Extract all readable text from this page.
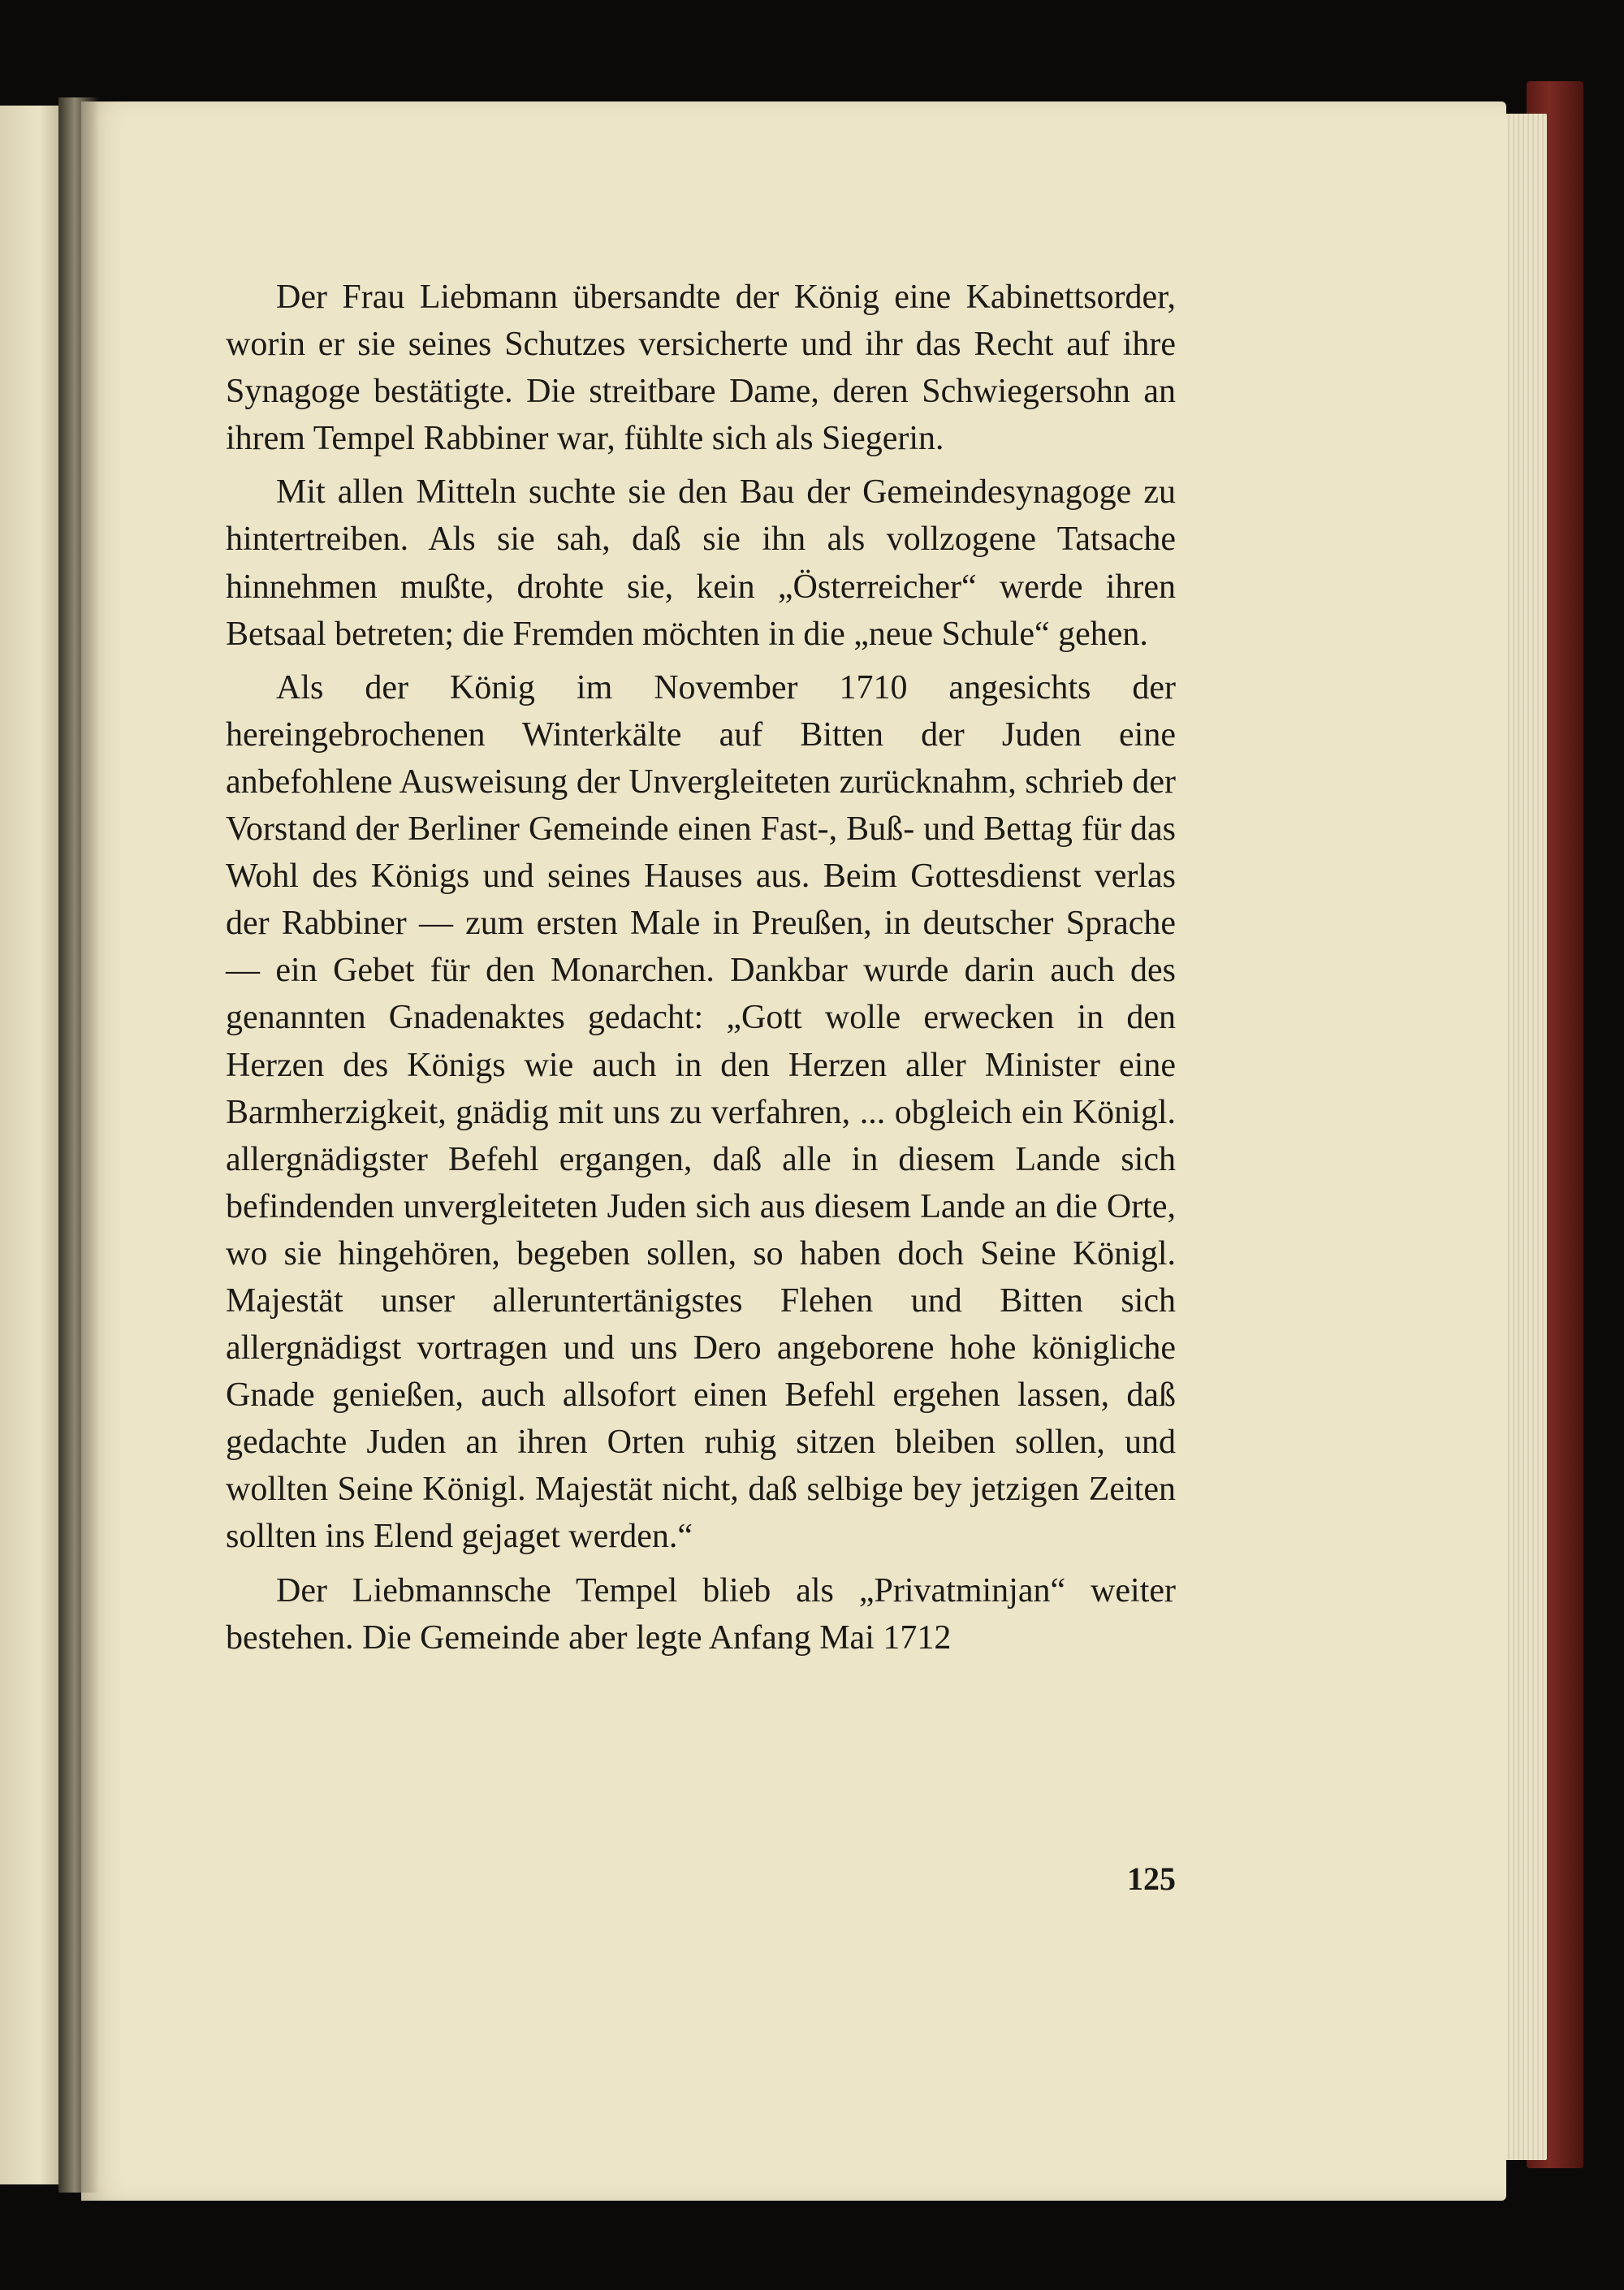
Der Frau Liebmann übersandte der König eine Kabinettsorder, worin er sie seines Schutzes versicherte und ihr das Recht auf ihre Synagoge bestätigte. Die streitbare Dame, deren Schwiegersohn an ihrem Tempel Rabbiner war, fühlte sich als Siegerin.

Mit allen Mitteln suchte sie den Bau der Gemeindesynagoge zu hintertreiben. Als sie sah, daß sie ihn als vollzogene Tatsache hinnehmen mußte, drohte sie, kein „Österreicher“ werde ihren Betsaal betreten; die Fremden möchten in die „neue Schule“ gehen.

Als der König im November 1710 angesichts der hereingebrochenen Winterkälte auf Bitten der Juden eine anbefohlene Ausweisung der Unvergleiteten zurücknahm, schrieb der Vorstand der Berliner Gemeinde einen Fast-, Buß- und Bettag für das Wohl des Königs und seines Hauses aus. Beim Gottesdienst verlas der Rabbiner — zum ersten Male in Preußen, in deutscher Sprache — ein Gebet für den Monarchen. Dankbar wurde darin auch des genannten Gnadenaktes gedacht: „Gott wolle erwecken in den Herzen des Königs wie auch in den Herzen aller Minister eine Barmherzigkeit, gnädig mit uns zu verfahren, ... obgleich ein Königl. allergnädigster Befehl ergangen, daß alle in diesem Lande sich befindenden unvergleiteten Juden sich aus diesem Lande an die Orte, wo sie hingehören, begeben sollen, so haben doch Seine Königl. Majestät unser alleruntertänigstes Flehen und Bitten sich allergnädigst vortragen und uns Dero angeborene hohe königliche Gnade genießen, auch allsofort einen Befehl ergehen lassen, daß gedachte Juden an ihren Orten ruhig sitzen bleiben sollen, und wollten Seine Königl. Majestät nicht, daß selbige bey jetzigen Zeiten sollten ins Elend gejaget werden.“

Der Liebmannsche Tempel blieb als „Privatminjan“ weiter bestehen. Die Gemeinde aber legte Anfang Mai 1712

125
